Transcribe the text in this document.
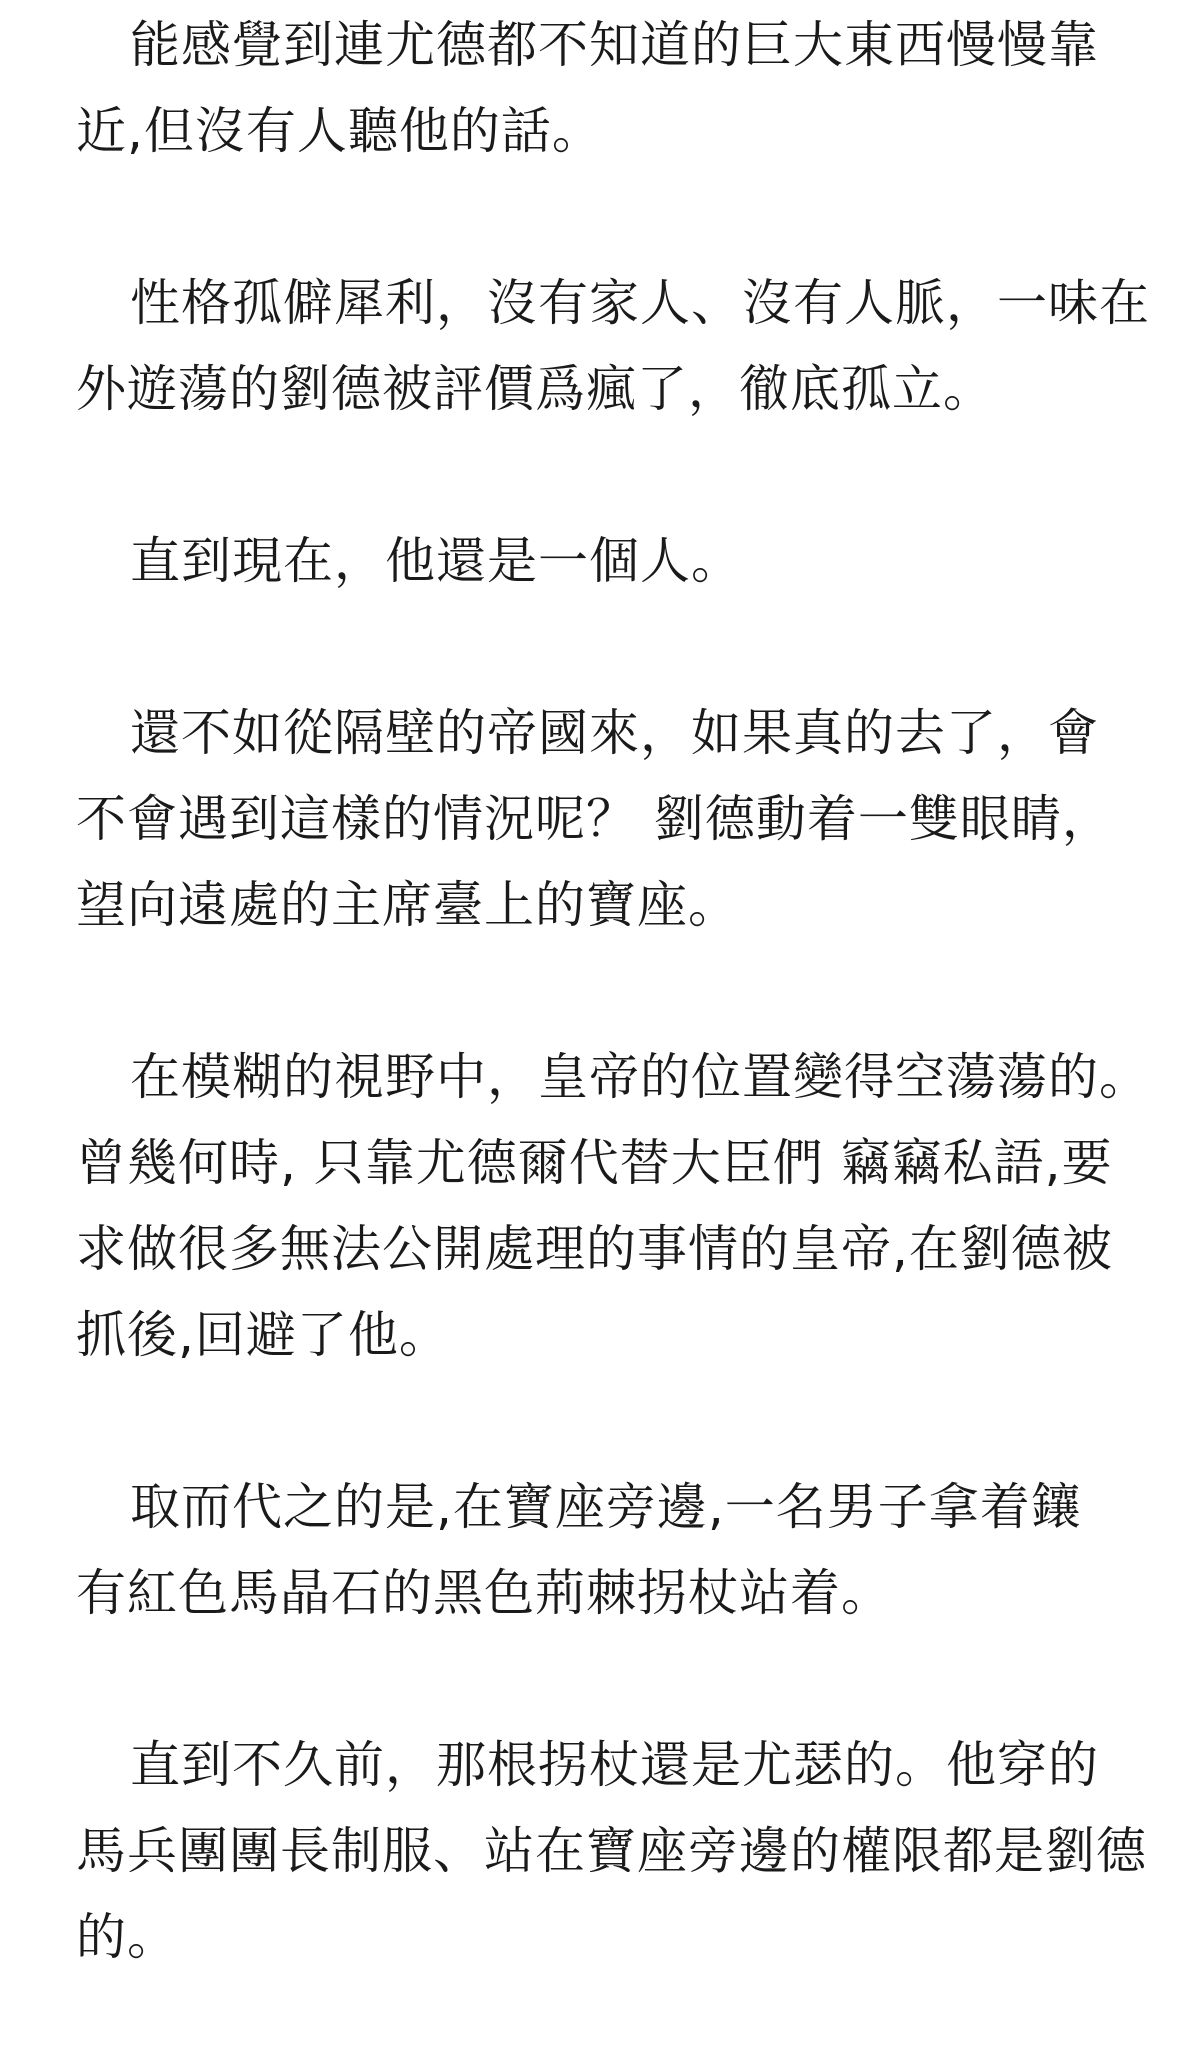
能感覺到連尤德都不知道的巨大東西慢慢靠
近,但沒有人聽他的話。

性格孤僻犀利，沒有家人、沒有人脈，一味在
外遊蕩的劉德被評價爲瘋了，徹底孤立。

直到現在，他還是一個人。

還不如從隔壁的帝國來，如果真的去了，會
不會遇到這樣的情況呢？ 劉德動着一雙眼睛，
望向遠處的主席臺上的寶座。

在模糊的視野中，皇帝的位置變得空蕩蕩的。
曾幾何時, 只靠尤德爾代替大臣們 竊竊私語,要
求做很多無法公開處理的事情的皇帝,在劉德被
抓後,回避了他。

取而代之的是,在寶座旁邊,一名男子拿着鑲
有紅色馬晶石的黑色荊棘拐杖站着。

直到不久前，那根拐杖還是尤瑟的。他穿的
馬兵團團長制服、站在寶座旁邊的權限都是劉德
的。
